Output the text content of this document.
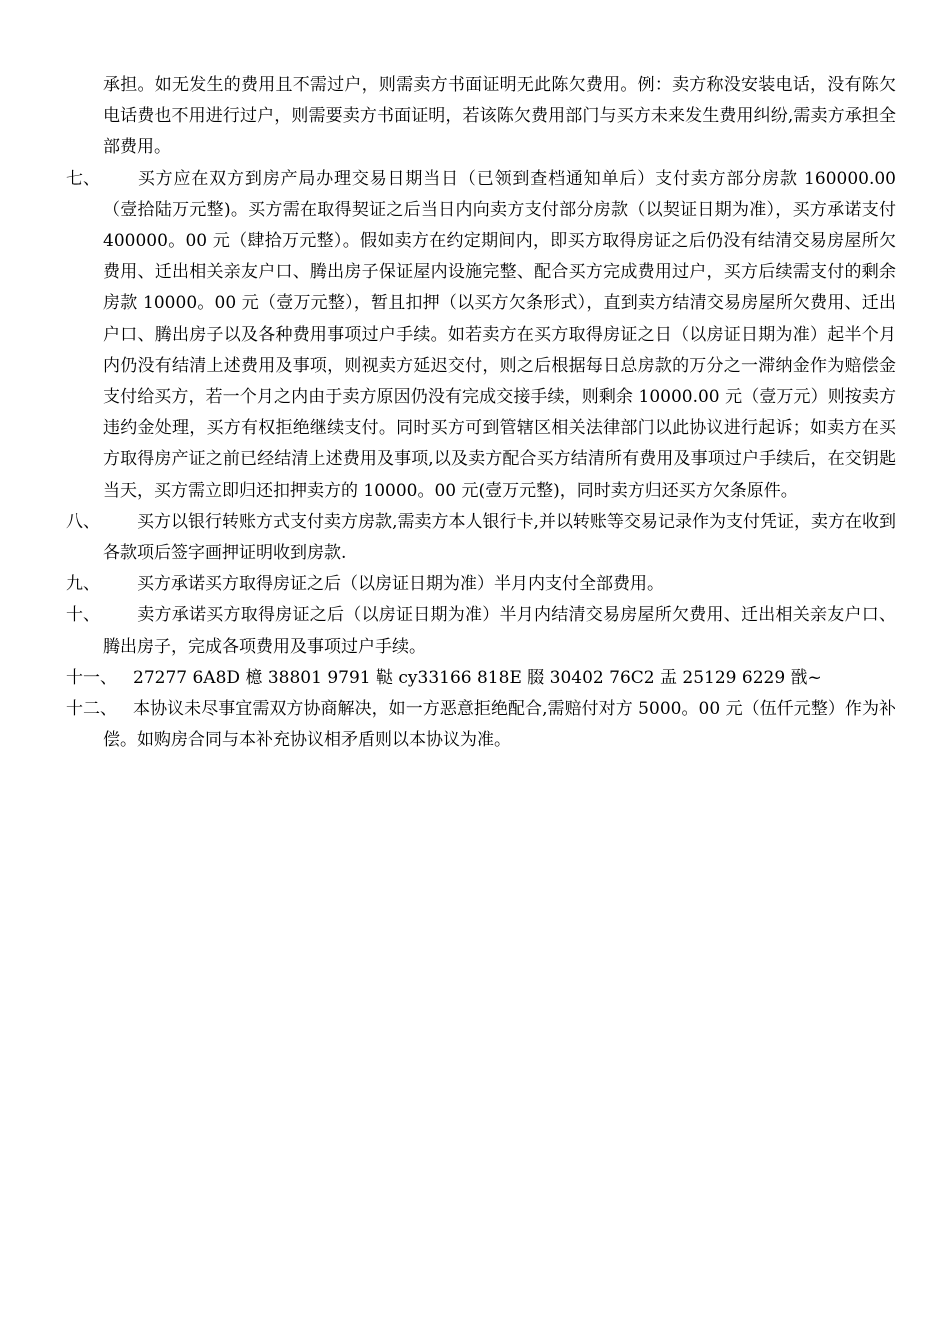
承担。如无发生的费用且不需过户，则需卖方书面证明无此陈欠费用。例：卖方称没安装电话，没有陈欠电话费也不用进行过户，则需要卖方书面证明，若该陈欠费用部门与买方未来发生费用纠纷,需卖方承担全部费用。

七、	买方应在双方到房产局办理交易日期当日（已领到查档通知单后）支付卖方部分房款 160000.00（壹拾陆万元整)。买方需在取得契证之后当日内向卖方支付部分房款（以契证日期为准），买方承诺支付 400000。00 元（肆拾万元整）。假如卖方在约定期间内，即买方取得房证之后仍没有结清交易房屋所欠费用、迁出相关亲友户口、腾出房子保证屋内设施完整、配合买方完成费用过户，买方后续需支付的剩余房款 10000。00 元（壹万元整），暂且扣押（以买方欠条形式），直到卖方结清交易房屋所欠费用、迁出户口、腾出房子以及各种费用事项过户手续。如若卖方在买方取得房证之日（以房证日期为准）起半个月内仍没有结清上述费用及事项，则视卖方延迟交付，则之后根据每日总房款的万分之一滞纳金作为赔偿金支付给买方，若一个月之内由于卖方原因仍没有完成交接手续，则剩余 10000.00 元（壹万元）则按卖方违约金处理，买方有权拒绝继续支付。同时买方可到管辖区相关法律部门以此协议进行起诉；如卖方在买方取得房产证之前已经结清上述费用及事项,以及卖方配合买方结清所有费用及事项过户手续后，在交钥匙当天，买方需立即归还扣押卖方的 10000。00 元(壹万元整)，同时卖方归还买方欠条原件。
八、	买方以银行转账方式支付卖方房款,需卖方本人银行卡,并以转账等交易记录作为支付凭证，卖方在收到各款项后签字画押证明收到房款.
九、	买方承诺买方取得房证之后（以房证日期为准）半月内支付全部费用。
十、	卖方承诺买方取得房证之后（以房证日期为准）半月内结清交易房屋所欠费用、迁出相关亲友户口、腾出房子，完成各项费用及事项过户手续。
十一、 27277 6A8D 檍 38801 9791 鞑 cy33166 818E 腏 30402 76C2 盂 25129 6229 戩~
十二、 本协议未尽事宜需双方协商解决，如一方恶意拒绝配合,需赔付对方 5000。00 元（伍仟元整）作为补偿。如购房合同与本补充协议相矛盾则以本协议为准。
